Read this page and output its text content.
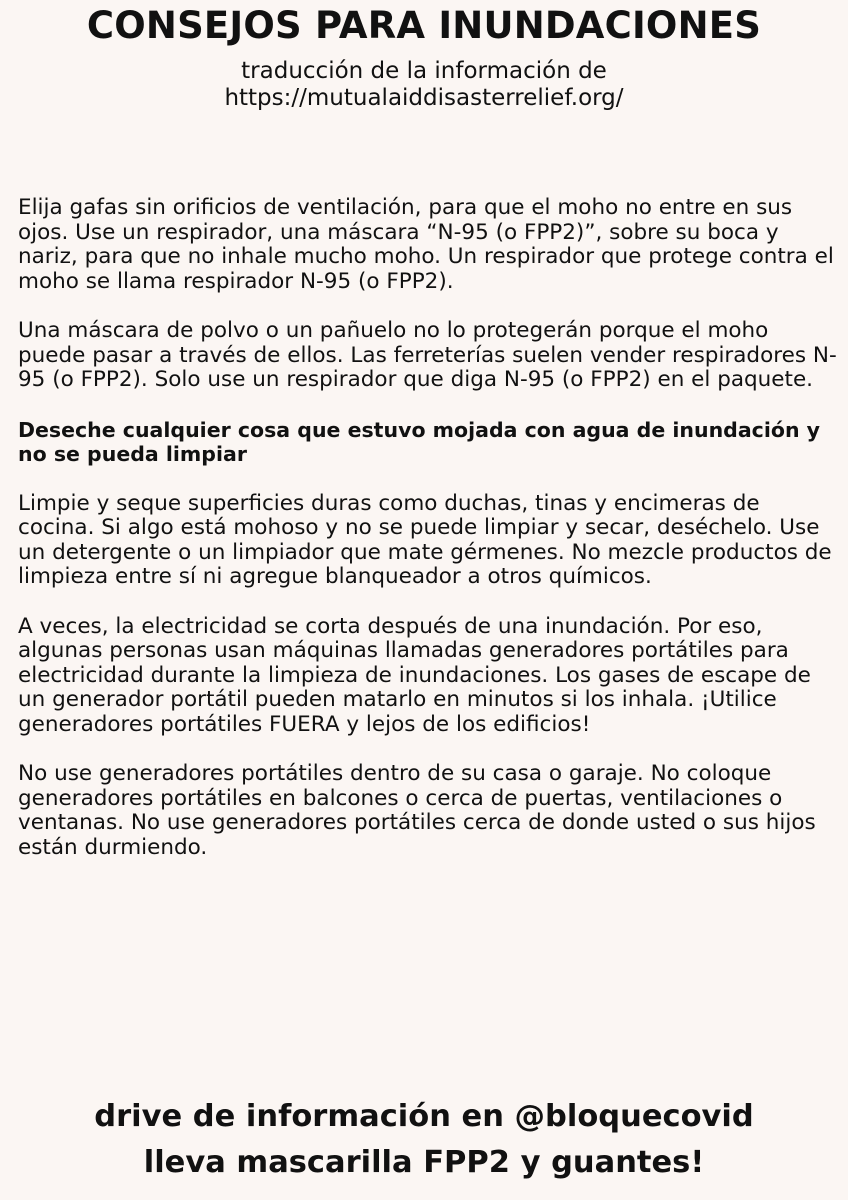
CONSEJOS PARA INUNDACIONES
traducción de la información de
https://mutualaiddisasterrelief.org/

Elija gafas sin orificios de ventilación, para que el moho no entre en sus ojos. Use un respirador, una máscara “N-95 (o FPP2)”, sobre su boca y nariz, para que no inhale mucho moho. Un respirador que protege contra el moho se llama respirador N-95 (o FPP2).

Una máscara de polvo o un pañuelo no lo protegerán porque el moho puede pasar a través de ellos. Las ferreterías suelen vender respiradores N-95 (o FPP2). Solo use un respirador que diga N-95 (o FPP2) en el paquete.

Deseche cualquier cosa que estuvo mojada con agua de inundación y no se pueda limpiar

Limpie y seque superficies duras como duchas, tinas y encimeras de cocina. Si algo está mohoso y no se puede limpiar y secar, deséchelo. Use un detergente o un limpiador que mate gérmenes. No mezcle productos de limpieza entre sí ni agregue blanqueador a otros químicos.

A veces, la electricidad se corta después de una inundación. Por eso, algunas personas usan máquinas llamadas generadores portátiles para electricidad durante la limpieza de inundaciones. Los gases de escape de un generador portátil pueden matarlo en minutos si los inhala. ¡Utilice generadores portátiles FUERA y lejos de los edificios!

No use generadores portátiles dentro de su casa o garaje. No coloque generadores portátiles en balcones o cerca de puertas, ventilaciones o ventanas. No use generadores portátiles cerca de donde usted o sus hijos están durmiendo.

drive de información en @bloquecovid
lleva mascarilla FPP2 y guantes!
